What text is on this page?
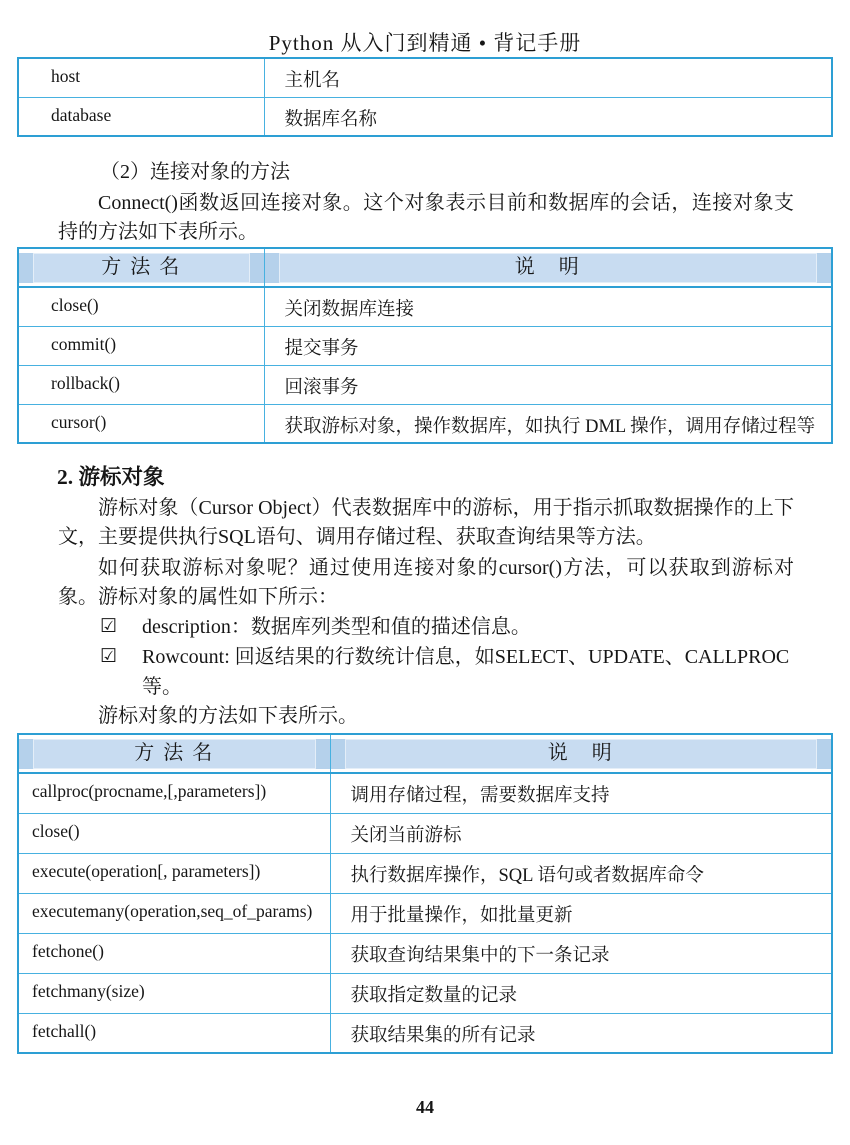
Python 从入门到精通 • 背记手册
host	主机名
database	数据库名称
（2）连接对象的方法
Connect()函数返回连接对象。这个对象表示目前和数据库的会话，连接对象支持的方法如下表所示。
方 法 名	说　明

close()	关闭数据库连接
commit()	提交事务
rollback()	回滚事务
cursor()	获取游标对象，操作数据库，如执行 DML 操作，调用存储过程等
2. 游标对象
游标对象（Cursor Object）代表数据库中的游标，用于指示抓取数据操作的上下文，主要提供执行SQL语句、调用存储过程、获取查询结果等方法。
如何获取游标对象呢？通过使用连接对象的cursor()方法，可以获取到游标对象。游标对象的属性如下所示：
☑	description：数据库列类型和值的描述信息。
☑	Rowcount: 回返结果的行数统计信息，如SELECT、UPDATE、CALLPROC
等。
游标对象的方法如下表所示。
方 法 名	说　明

callproc(procname,[,parameters])	调用存储过程，需要数据库支持
close()	关闭当前游标
execute(operation[, parameters])	执行数据库操作，SQL 语句或者数据库命令
executemany(operation,seq_of_params)	用于批量操作，如批量更新
fetchone()	获取查询结果集中的下一条记录
fetchmany(size)	获取指定数量的记录
fetchall()	获取结果集的所有记录
44
